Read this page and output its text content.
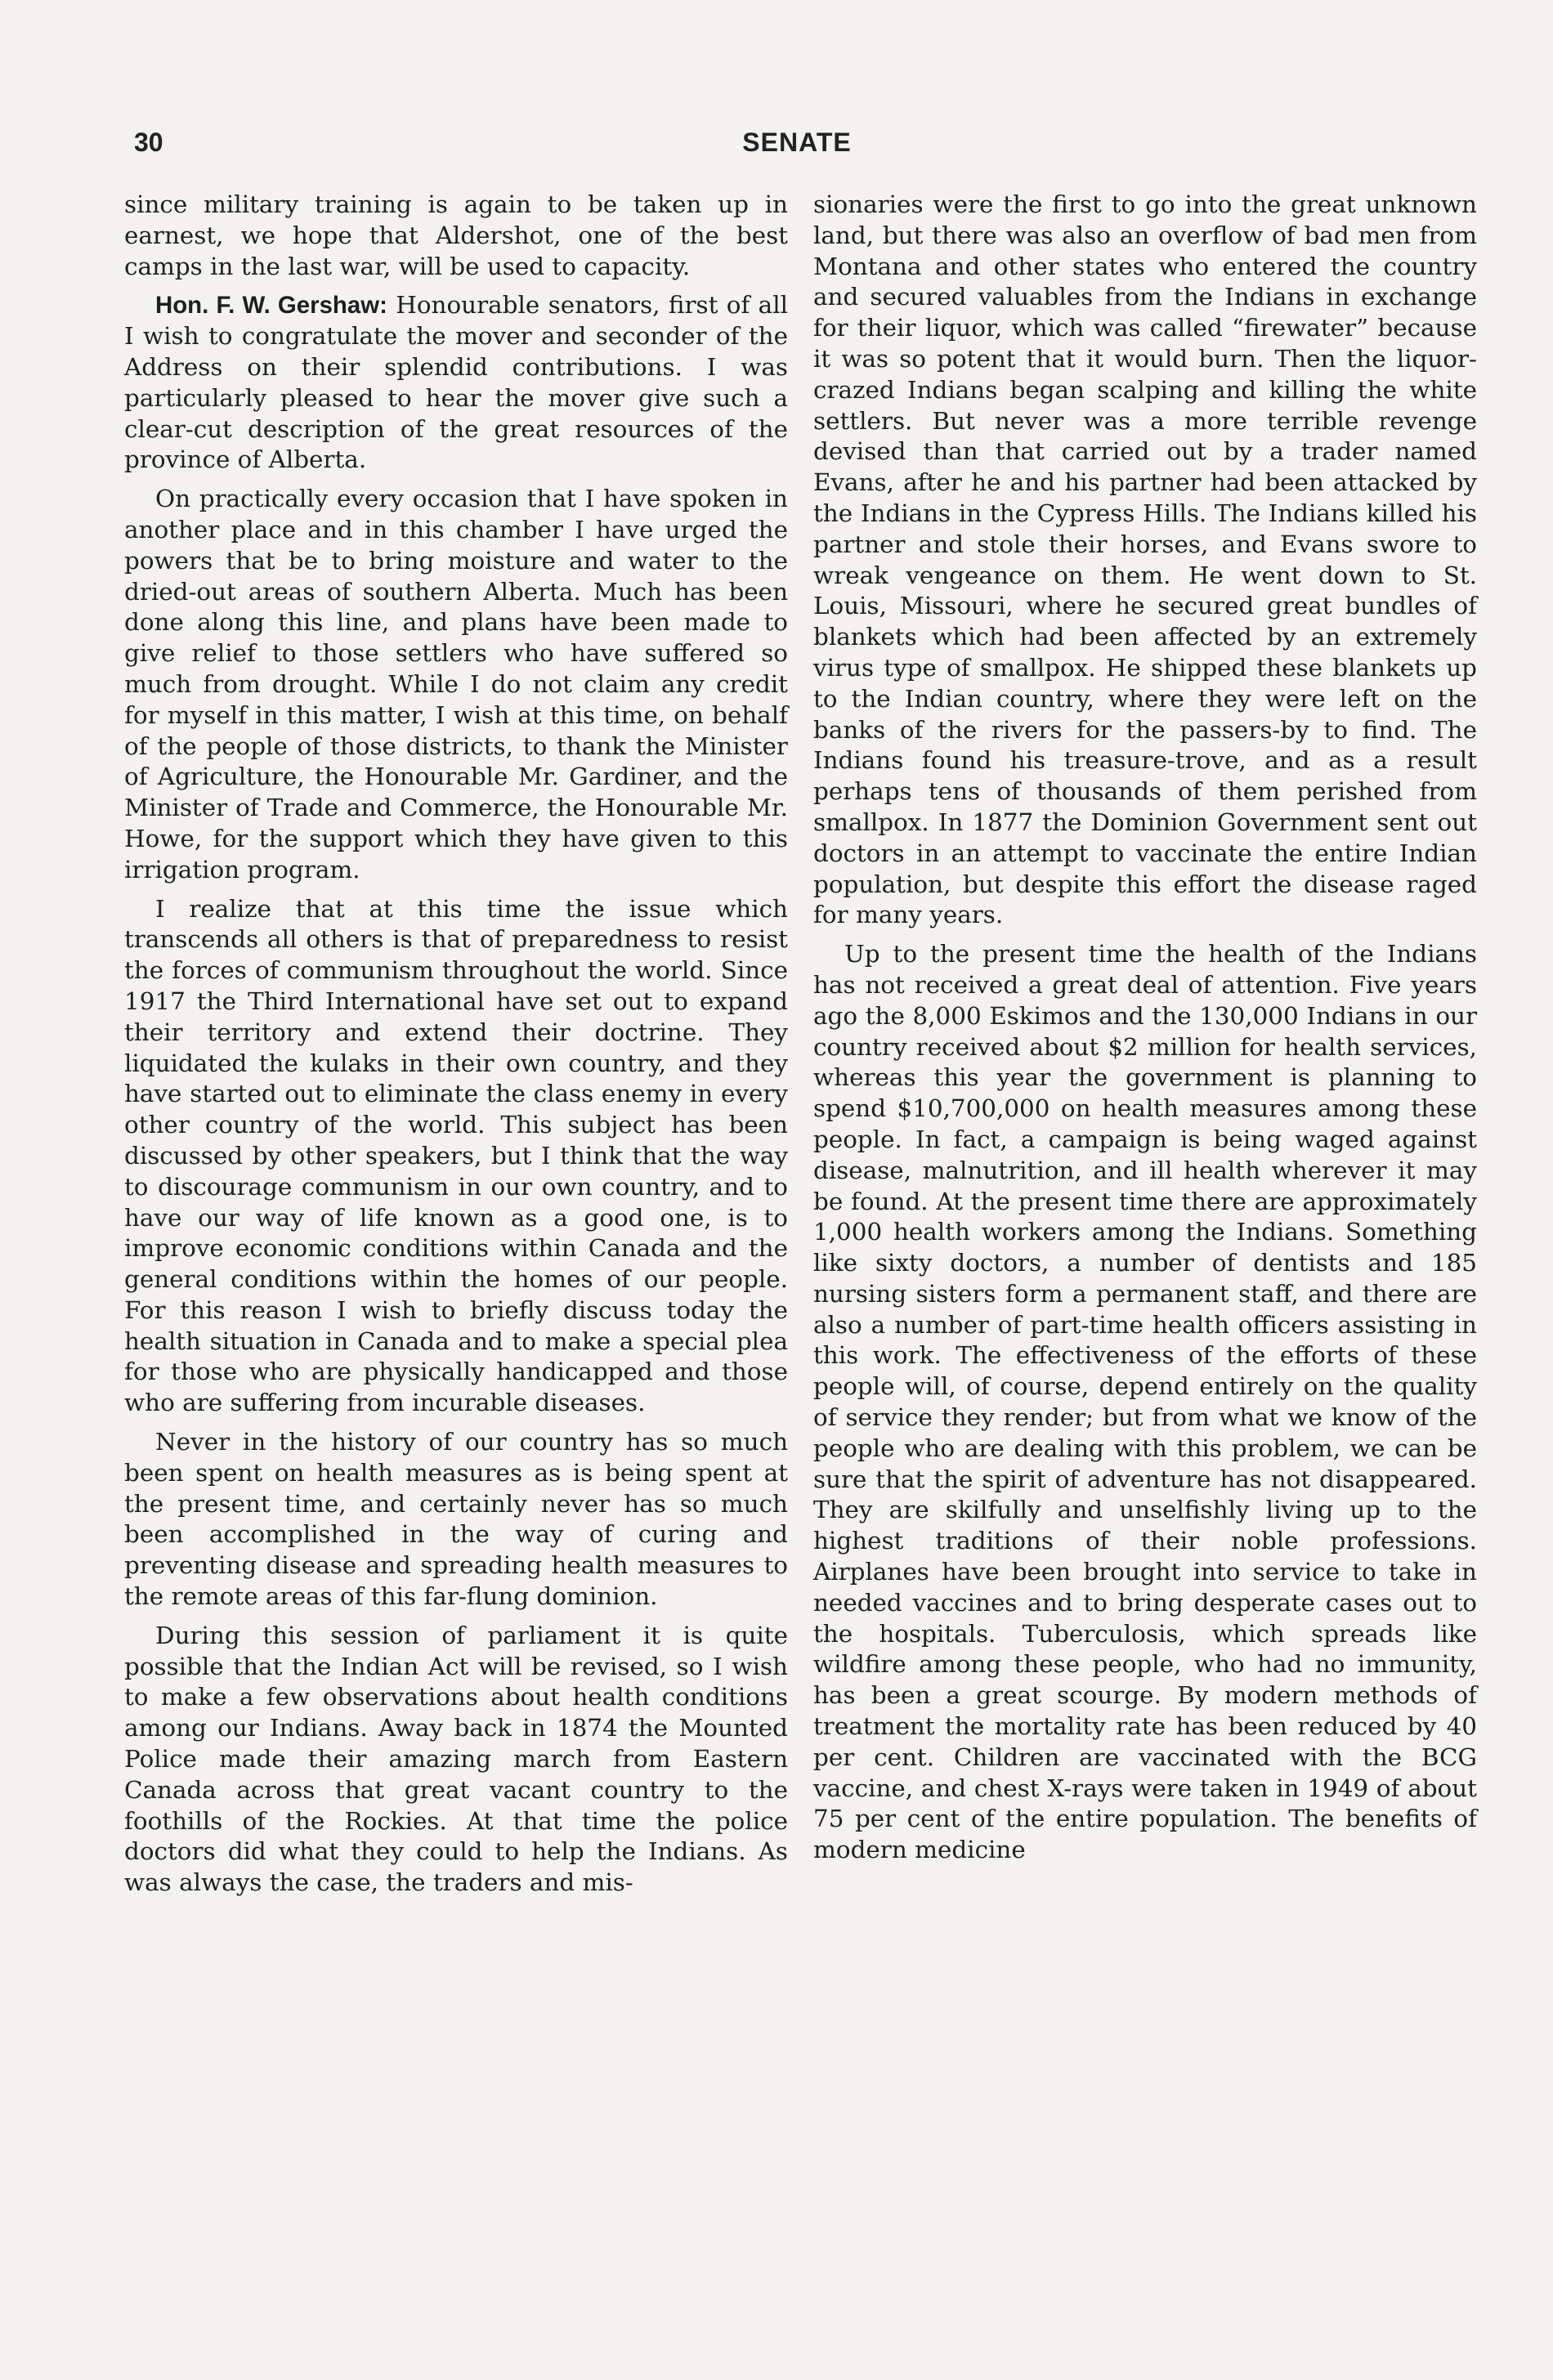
30	SENATE

since military training is again to be taken up in earnest, we hope that Aldershot, one of the best camps in the last war, will be used to capacity.

Hon. F. W. Gershaw: Honourable senators, first of all I wish to congratulate the mover and seconder of the Address on their splendid contributions. I was particularly pleased to hear the mover give such a clear-cut description of the great resources of the province of Alberta.

On practically every occasion that I have spoken in another place and in this chamber I have urged the powers that be to bring moisture and water to the dried-out areas of southern Alberta. Much has been done along this line, and plans have been made to give relief to those settlers who have suffered so much from drought. While I do not claim any credit for myself in this matter, I wish at this time, on behalf of the people of those districts, to thank the Minister of Agriculture, the Honourable Mr. Gardiner, and the Minister of Trade and Commerce, the Honourable Mr. Howe, for the support which they have given to this irrigation program.

I realize that at this time the issue which transcends all others is that of preparedness to resist the forces of communism throughout the world. Since 1917 the Third International have set out to expand their territory and extend their doctrine. They liquidated the kulaks in their own country, and they have started out to eliminate the class enemy in every other country of the world. This subject has been discussed by other speakers, but I think that the way to discourage communism in our own country, and to have our way of life known as a good one, is to improve economic conditions within Canada and the general conditions within the homes of our people. For this reason I wish to briefly discuss today the health situation in Canada and to make a special plea for those who are physically handicapped and those who are suffering from incurable diseases.

Never in the history of our country has so much been spent on health measures as is being spent at the present time, and certainly never has so much been accomplished in the way of curing and preventing disease and spreading health measures to the remote areas of this far-flung dominion.

During this session of parliament it is quite possible that the Indian Act will be revised, so I wish to make a few observations about health conditions among our Indians. Away back in 1874 the Mounted Police made their amazing march from Eastern Canada across that great vacant country to the foothills of the Rockies. At that time the police doctors did what they could to help the Indians. As was always the case, the traders and mis-

sionaries were the first to go into the great unknown land, but there was also an overflow of bad men from Montana and other states who entered the country and secured valuables from the Indians in exchange for their liquor, which was called “firewater” because it was so potent that it would burn. Then the liquor-crazed Indians began scalping and killing the white settlers. But never was a more terrible revenge devised than that carried out by a trader named Evans, after he and his partner had been attacked by the Indians in the Cypress Hills. The Indians killed his partner and stole their horses, and Evans swore to wreak vengeance on them. He went down to St. Louis, Missouri, where he secured great bundles of blankets which had been affected by an extremely virus type of smallpox. He shipped these blankets up to the Indian country, where they were left on the banks of the rivers for the passers-by to find. The Indians found his treasure-trove, and as a result perhaps tens of thousands of them perished from smallpox. In 1877 the Dominion Government sent out doctors in an attempt to vaccinate the entire Indian population, but despite this effort the disease raged for many years.

Up to the present time the health of the Indians has not received a great deal of attention. Five years ago the 8,000 Eskimos and the 130,000 Indians in our country received about $2 million for health services, whereas this year the government is planning to spend $10,700,000 on health measures among these people. In fact, a campaign is being waged against disease, malnutrition, and ill health wherever it may be found. At the present time there are approximately 1,000 health workers among the Indians. Something like sixty doctors, a number of dentists and 185 nursing sisters form a permanent staff, and there are also a number of part-time health officers assisting in this work. The effectiveness of the efforts of these people will, of course, depend entirely on the quality of service they render; but from what we know of the people who are dealing with this problem, we can be sure that the spirit of adventure has not disappeared. They are skilfully and unselfishly living up to the highest traditions of their noble professions. Airplanes have been brought into service to take in needed vaccines and to bring desperate cases out to the hospitals. Tuberculosis, which spreads like wildfire among these people, who had no immunity, has been a great scourge. By modern methods of treatment the mortality rate has been reduced by 40 per cent. Children are vaccinated with the BCG vaccine, and chest X-rays were taken in 1949 of about 75 per cent of the entire population. The benefits of modern medicine
